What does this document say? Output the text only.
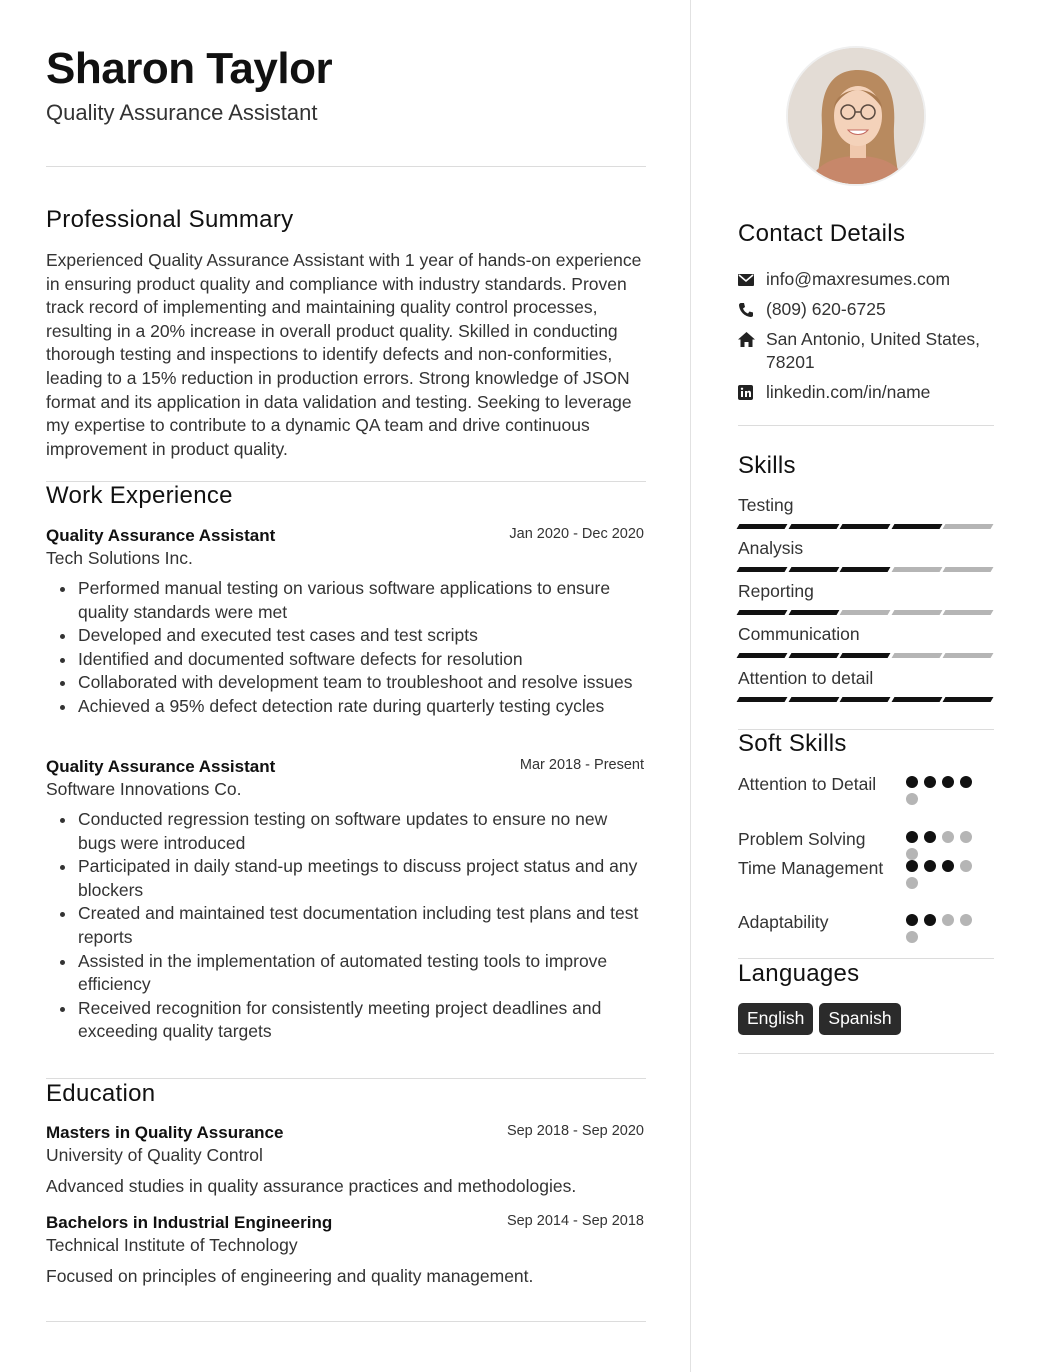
Sharon Taylor
Quality Assurance Assistant
Professional Summary
Experienced Quality Assurance Assistant with 1 year of hands-on experience in ensuring product quality and compliance with industry standards. Proven track record of implementing and maintaining quality control processes, resulting in a 20% increase in overall product quality. Skilled in conducting thorough testing and inspections to identify defects and non-conformities, leading to a 15% reduction in production errors. Strong knowledge of JSON format and its application in data validation and testing. Seeking to leverage my expertise to contribute to a dynamic QA team and drive continuous improvement in product quality.
Work Experience
Quality Assurance Assistant	Jan 2020 - Dec 2020
Tech Solutions Inc.
Performed manual testing on various software applications to ensure quality standards were met
Developed and executed test cases and test scripts
Identified and documented software defects for resolution
Collaborated with development team to troubleshoot and resolve issues
Achieved a 95% defect detection rate during quarterly testing cycles
Quality Assurance Assistant	Mar 2018 - Present
Software Innovations Co.
Conducted regression testing on software updates to ensure no new bugs were introduced
Participated in daily stand-up meetings to discuss project status and any blockers
Created and maintained test documentation including test plans and test reports
Assisted in the implementation of automated testing tools to improve efficiency
Received recognition for consistently meeting project deadlines and exceeding quality targets
Education
Masters in Quality Assurance	Sep 2018 - Sep 2020
University of Quality Control
Advanced studies in quality assurance practices and methodologies.
Bachelors in Industrial Engineering	Sep 2014 - Sep 2018
Technical Institute of Technology
Focused on principles of engineering and quality management.
Contact Details
info@maxresumes.com
(809) 620-6725
San Antonio, United States,
78201
linkedin.com/in/name
Skills
Testing
Analysis
Reporting
Communication
Attention to detail
Soft Skills
Attention to Detail
Problem Solving
Time Management
Adaptability
Languages
English	Spanish
